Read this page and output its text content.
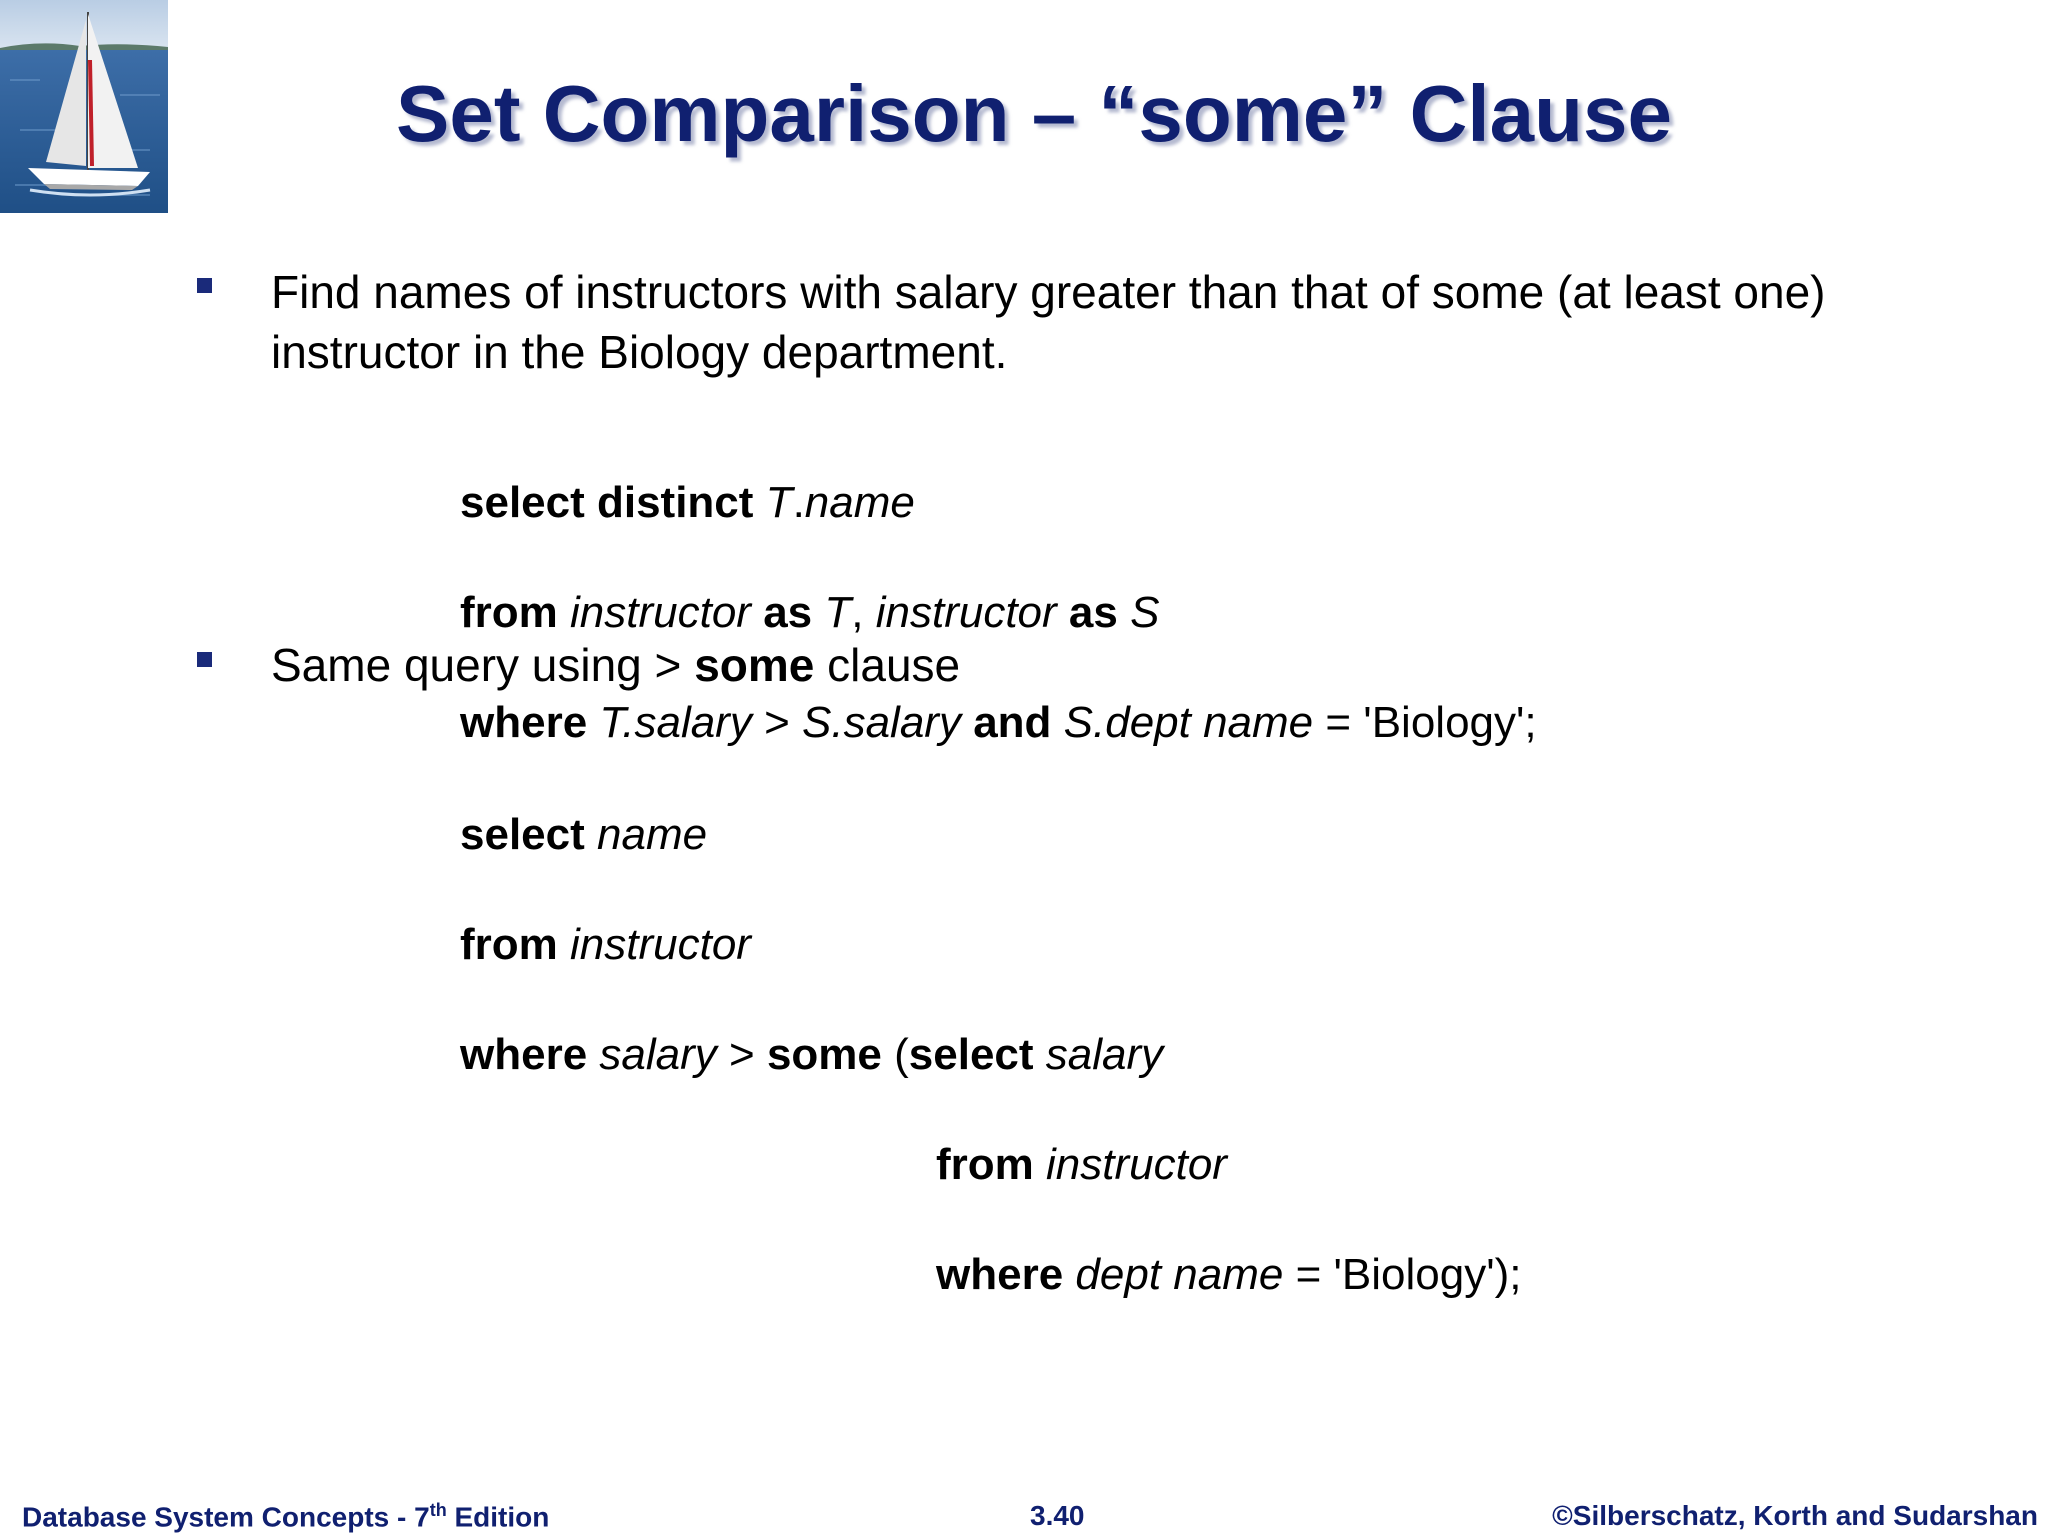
Set Comparison – “some” Clause
Find names of instructors with salary greater than that of some (at least one) instructor in the Biology department.

select distinct T.name

from instructor as T, instructor as S

where T.salary > S.salary and S.dept name = 'Biology';

Same query using > some clause

select name

from instructor

where salary > some (select salary

from instructor

where dept name = 'Biology');

Database System Concepts - 7th Edition	3.40	©Silberschatz, Korth and Sudarshan
